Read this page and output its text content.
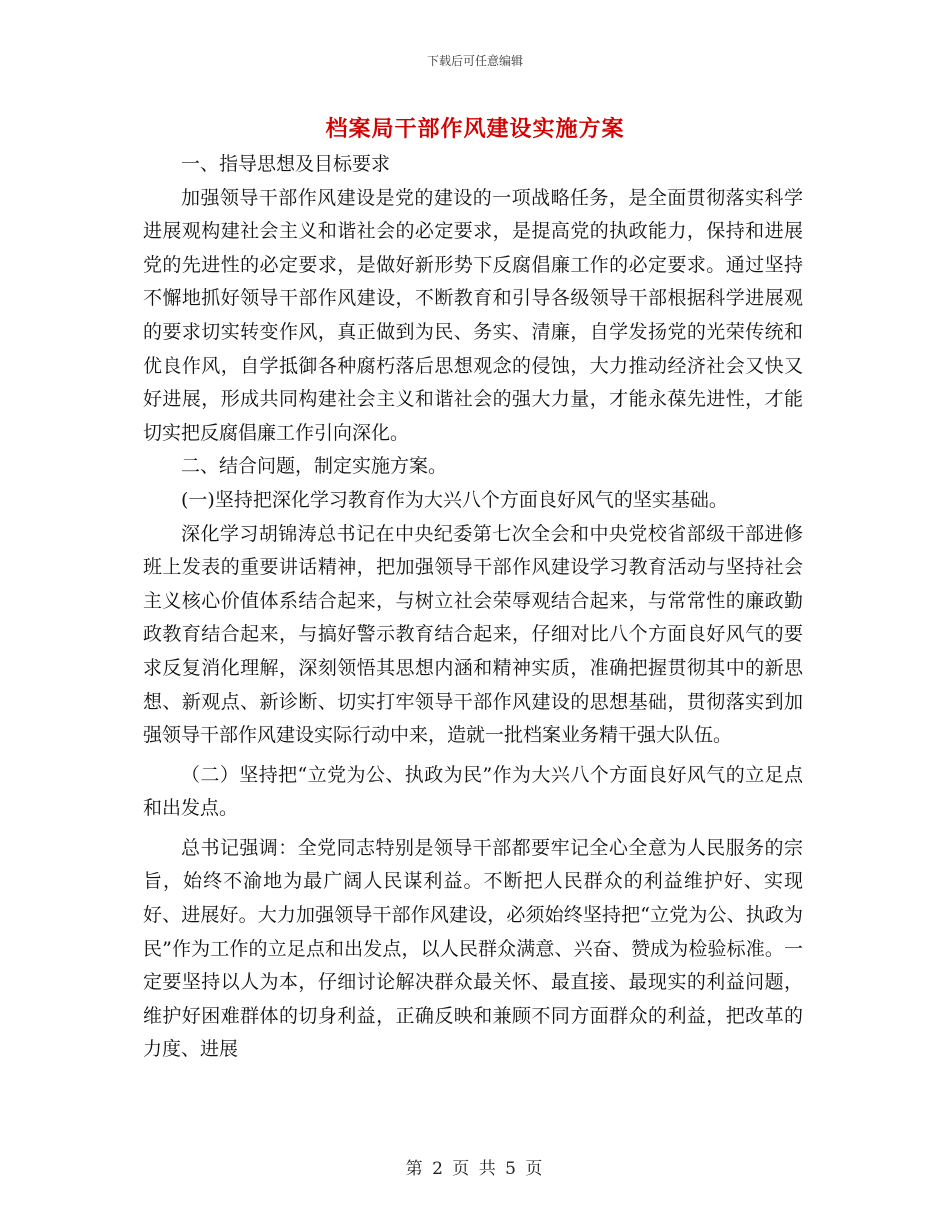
下载后可任意编辑
档案局干部作风建设实施方案

一、指导思想及目标要求

加强领导干部作风建设是党的建设的一项战略任务，是全面贯彻落实科学进展观构建社会主义和谐社会的必定要求，是提高党的执政能力，保持和进展党的先进性的必定要求，是做好新形势下反腐倡廉工作的必定要求。通过坚持不懈地抓好领导干部作风建设，不断教育和引导各级领导干部根据科学进展观的要求切实转变作风，真正做到为民、务实、清廉，自学发扬党的光荣传统和优良作风，自学抵御各种腐朽落后思想观念的侵蚀，大力推动经济社会又快又好进展，形成共同构建社会主义和谐社会的强大力量，才能永葆先进性，才能切实把反腐倡廉工作引向深化。

二、结合问题，制定实施方案。

(一)坚持把深化学习教育作为大兴八个方面良好风气的坚实基础。

深化学习胡锦涛总书记在中央纪委第七次全会和中央党校省部级干部进修班上发表的重要讲话精神，把加强领导干部作风建设学习教育活动与坚持社会主义核心价值体系结合起来，与树立社会荣辱观结合起来，与常常性的廉政勤政教育结合起来，与搞好警示教育结合起来，仔细对比八个方面良好风气的要求反复消化理解，深刻领悟其思想内涵和精神实质，准确把握贯彻其中的新思想、新观点、新诊断、切实打牢领导干部作风建设的思想基础，贯彻落实到加强领导干部作风建设实际行动中来，造就一批档案业务精干强大队伍。

（二）坚持把“立党为公、执政为民”作为大兴八个方面良好风气的立足点和出发点。

总书记强调：全党同志特别是领导干部都要牢记全心全意为人民服务的宗旨，始终不渝地为最广阔人民谋利益。不断把人民群众的利益维护好、实现好、进展好。大力加强领导干部作风建设，必须始终坚持把“立党为公、执政为民”作为工作的立足点和出发点，以人民群众满意、兴奋、赞成为检验标准。一定要坚持以人为本，仔细讨论解决群众最关怀、最直接、最现实的利益问题，维护好困难群体的切身利益，正确反映和兼顾不同方面群众的利益，把改革的力度、进展

第 2 页 共 5 页
